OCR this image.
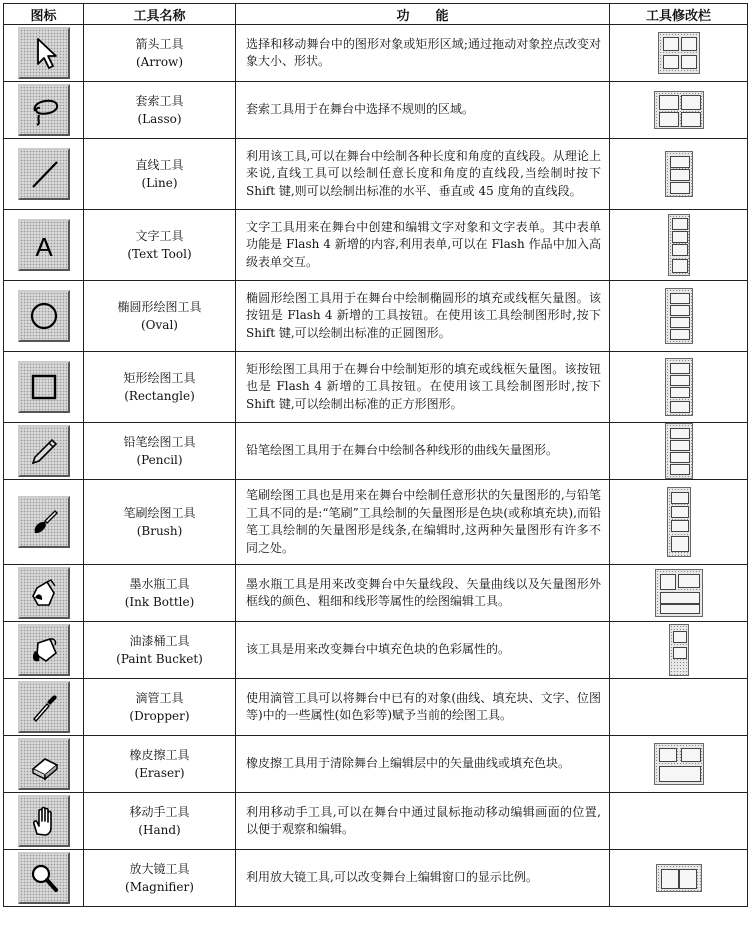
图标	工具名称	功　　能	工具修改栏

箭头工具
(Arrow)	选择和移动舞台中的图形对象或矩形区域;通过拖动对象控点改变对象大小、形状。	

套索工具
(Lasso)	套索工具用于在舞台中选择不规则的区域。	

直线工具
(Line)	利用该工具,可以在舞台中绘制各种长度和角度的直线段。从理论上来说,直线工具可以绘制任意长度和角度的直线段,当绘制时按下 Shift 键,则可以绘制出标准的水平、垂直或 45 度角的直线段。	

A	文字工具
(Text Tool)	文字工具用来在舞台中创建和编辑文字对象和文字表单。其中表单功能是 Flash 4 新增的内容,利用表单,可以在 Flash 作品中加入高级表单交互。	

椭圆形绘图工具
(Oval)	椭圆形绘图工具用于在舞台中绘制椭圆形的填充或线框矢量图。该按钮是 Flash 4 新增的工具按钮。在使用该工具绘制图形时,按下 Shift 键,可以绘制出标准的正圆图形。	

矩形绘图工具
(Rectangle)	矩形绘图工具用于在舞台中绘制矩形的填充或线框矢量图。该按钮也是 Flash 4 新增的工具按钮。在使用该工具绘制图形时,按下 Shift 键,可以绘制出标准的正方形图形。	

铅笔绘图工具
(Pencil)	铅笔绘图工具用于在舞台中绘制各种线形的曲线矢量图形。	

笔刷绘图工具
(Brush)	笔刷绘图工具也是用来在舞台中绘制任意形状的矢量图形的,与铅笔工具不同的是:“笔刷”工具绘制的矢量图形是色块(或称填充块),而铅笔工具绘制的矢量图形是线条,在编辑时,这两种矢量图形有许多不同之处。	

墨水瓶工具
(Ink Bottle)	墨水瓶工具是用来改变舞台中矢量线段、矢量曲线以及矢量图形外框线的颜色、粗细和线形等属性的绘图编辑工具。	

油漆桶工具
(Paint Bucket)	该工具是用来改变舞台中填充色块的色彩属性的。	

滴管工具
(Dropper)	使用滴管工具可以将舞台中已有的对象(曲线、填充块、文字、位图等)中的一些属性(如色彩等)赋予当前的绘图工具。	

橡皮擦工具
(Eraser)	橡皮擦工具用于清除舞台上编辑层中的矢量曲线或填充色块。	

移动手工具
(Hand)	利用移动手工具,可以在舞台中通过鼠标拖动移动编辑画面的位置,以便于观察和编辑。	

放大镜工具
(Magnifier)	利用放大镜工具,可以改变舞台上编辑窗口的显示比例。	
